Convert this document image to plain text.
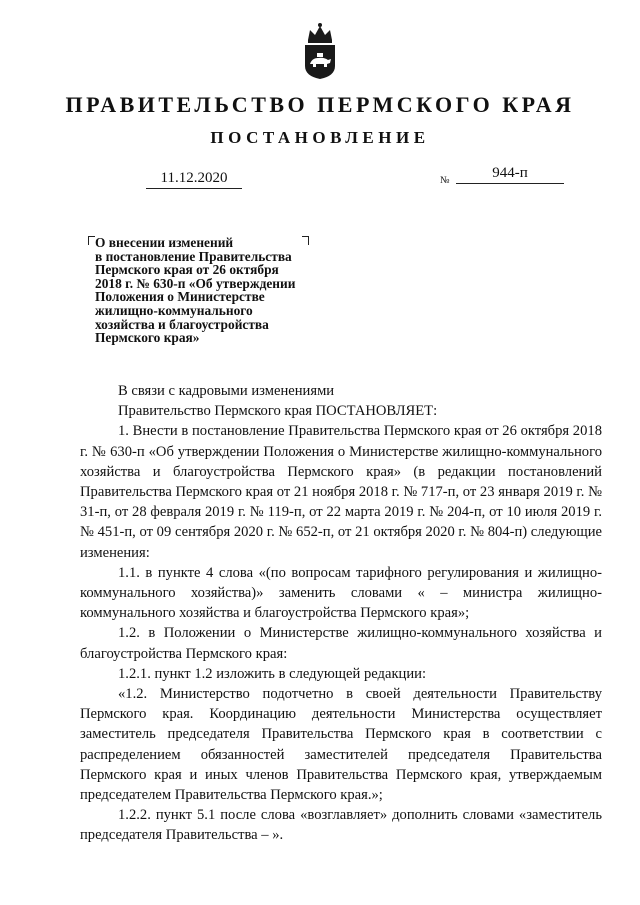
ПРАВИТЕЛЬСТВО ПЕРМСКОГО КРАЯ
ПОСТАНОВЛЕНИЕ
11.12.2020	№	944-п
О внесении изменений
в постановление Правительства
Пермского края от 26 октября
2018 г. № 630-п «Об утверждении
Положения о Министерстве
жилищно-коммунального
хозяйства и благоустройства
Пермского края»

В связи с кадровыми изменениями

Правительство Пермского края ПОСТАНОВЛЯЕТ:

1. Внести в постановление Правительства Пермского края от 26 октября 2018 г. № 630-п «Об утверждении Положения о Министерстве жилищно-коммунального хозяйства и благоустройства Пермского края» (в редакции постановлений Правительства Пермского края от 21 ноября 2018 г. № 717-п, от 23 января 2019 г. № 31-п, от 28 февраля 2019 г. № 119-п, от 22 марта 2019 г. № 204-п, от 10 июля 2019 г. № 451-п, от 09 сентября 2020 г. № 652-п, от 21 октября 2020 г. № 804-п) следующие изменения:

1.1. в пункте 4 слова «(по вопросам тарифного регулирования и жилищно-коммунального хозяйства)» заменить словами « – министра жилищно-коммунального хозяйства и благоустройства Пермского края»;

1.2. в Положении о Министерстве жилищно-коммунального хозяйства и благоустройства Пермского края:

1.2.1. пункт 1.2 изложить в следующей редакции:

«1.2. Министерство подотчетно в своей деятельности Правительству Пермского края. Координацию деятельности Министерства осуществляет заместитель председателя Правительства Пермского края в соответствии с распределением обязанностей заместителей председателя Правительства Пермского края и иных членов Правительства Пермского края, утверждаемым председателем Правительства Пермского края.»;

1.2.2. пункт 5.1 после слова «возглавляет» дополнить словами «заместитель председателя Правительства – ».
